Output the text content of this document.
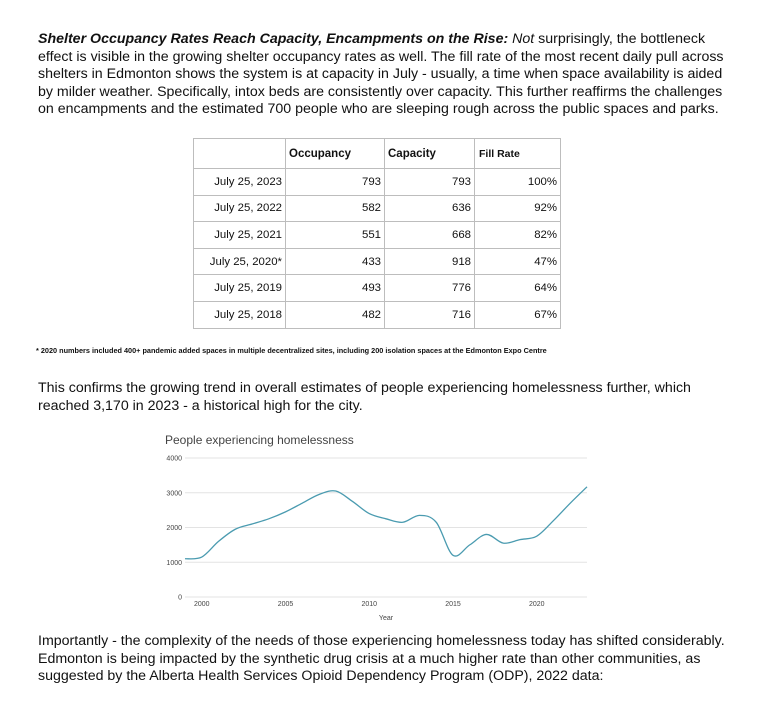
Shelter Occupancy Rates Reach Capacity, Encampments on the Rise: Not surprisingly, the bottleneck effect is visible in the growing shelter occupancy rates as well. The fill rate of the most recent daily pull across shelters in Edmonton shows the system is at capacity in July - usually, a time when space availability is aided by milder weather. Specifically, intox beds are consistently over capacity. This further reaffirms the challenges on encampments and the estimated 700 people who are sleeping rough across the public spaces and parks.
	Occupancy	Capacity	Fill Rate
July 25, 2023	793	793	100%
July 25, 2022	582	636	92%
July 25, 2021	551	668	82%
July 25, 2020*	433	918	47%
July 25, 2019	493	776	64%
July 25, 2018	482	716	67%
* 2020 numbers included 400+ pandemic added spaces in multiple decentralized sites, including 200 isolation spaces at the Edmonton Expo Centre
This confirms the growing trend in overall estimates of people experiencing homelessness further, which reached 3,170 in 2023 - a historical high for the city.
People experiencing homelessness
0
1000
2000
3000
4000
2000	2005	2010	2015	2020
Year
Importantly - the complexity of the needs of those experiencing homelessness today has shifted considerably. Edmonton is being impacted by the synthetic drug crisis at a much higher rate than other communities, as suggested by the Alberta Health Services Opioid Dependency Program (ODP), 2022 data:
